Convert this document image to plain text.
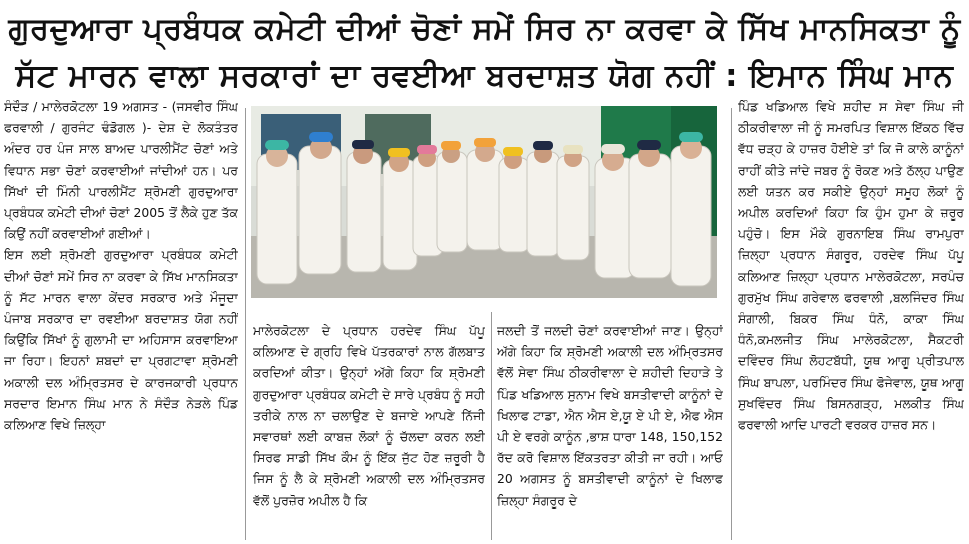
ਗੁਰਦੁਆਰਾ ਪ੍ਰਬੰਧਕ ਕਮੇਟੀ ਦੀਆਂ ਚੋਣਾਂ ਸਮੇਂ ਸਿਰ ਨਾ ਕਰਵਾ ਕੇ ਸਿੱਖ ਮਾਨਸਿਕਤਾ ਨੂੰ
ਸੱਟ ਮਾਰਨ ਵਾਲਾ ਸਰਕਾਰਾਂ ਦਾ ਰਵਈਆ ਬਰਦਾਸ਼ਤ ਯੋਗ ਨਹੀਂ : ਇਮਾਨ ਸਿੰਘ ਮਾਨ

ਸੰਦੌੜ / ਮਾਲੇਰਕੋਟਲਾ 19 ਅਗਸਤ - (ਜਸਵੀਰ ਸਿੰਘ ਫਰਵਾਲੀ / ਗੁਰਜੰਟ ਢੰਡੋਗਲ )- ਦੇਸ਼ ਦੇ ਲੋਕਤੰਤਰ ਅੰਦਰ ਹਰ ਪੰਜ ਸਾਲ ਬਾਅਦ ਪਾਰਲੀਮੈਂਟ ਚੋਣਾਂ ਅਤੇ ਵਿਧਾਨ ਸਭਾ ਚੋਣਾਂ ਕਰਵਾਈਆਂ ਜਾਂਦੀਆਂ ਹਨ। ਪਰ ਸਿੱਖਾਂ ਦੀ ਮਿੰਨੀ ਪਾਰਲੀਮੈਂਟ ਸ਼੍ਰੋਮਣੀ ਗੁਰਦੁਆਰਾ ਪ੍ਰਬੰਧਕ ਕਮੇਟੀ ਦੀਆਂ ਚੋਣਾਂ 2005 ਤੋਂ ਲੈਕੇ ਹੁਣ ਤੱਕ ਕਿਉਂ ਨਹੀਂ ਕਰਵਾਈਆਂ ਗਈਆਂ।

ਇਸ ਲਈ ਸ਼੍ਰੋਮਣੀ ਗੁਰਦੁਆਰਾ ਪ੍ਰਬੰਧਕ ਕਮੇਟੀ ਦੀਆਂ ਚੋਣਾਂ ਸਮੇਂ ਸਿਰ ਨਾ ਕਰਵਾ ਕੇ ਸਿੱਖ ਮਾਨਸਿਕਤਾ ਨੂੰ ਸੱਟ ਮਾਰਨ ਵਾਲਾ ਕੇਂਦਰ ਸਰਕਾਰ ਅਤੇ ਮੌਜੂਦਾ ਪੰਜਾਬ ਸਰਕਾਰ ਦਾ ਰਵਈਆ ਬਰਦਾਸ਼ਤ ਯੋਗ ਨਹੀਂ ਕਿਉਂਕਿ ਸਿੱਖਾਂ ਨੂੰ ਗੁਲਾਮੀ ਦਾ ਅਹਿਸਾਸ ਕਰਵਾਇਆ ਜਾ ਰਿਹਾ। ਇਹਨਾਂ ਸ਼ਬਦਾਂ ਦਾ ਪ੍ਰਗਟਾਵਾ ਸ਼੍ਰੋਮਣੀ ਅਕਾਲੀ ਦਲ ਅੰਮ੍ਰਿਤਸਰ ਦੇ ਕਾਰਜਕਾਰੀ ਪ੍ਰਧਾਨ ਸਰਦਾਰ ਇਮਾਨ ਸਿੰਘ ਮਾਨ ਨੇ ਸੰਦੌੜ ਨੇੜਲੇ ਪਿੰਡ ਕਲਿਆਣ ਵਿਖੇ ਜ਼ਿਲ੍ਹਾ

ਮਾਲੇਰਕੋਟਲਾ ਦੇ ਪ੍ਰਧਾਨ ਹਰਦੇਵ ਸਿੰਘ ਪੱਪੂ ਕਲਿਆਣ ਦੇ ਗ੍ਰਹਿ ਵਿਖੇ ਪੱਤਰਕਾਰਾਂ ਨਾਲ ਗੱਲਬਾਤ ਕਰਦਿਆਂ ਕੀਤਾ। ਉਨ੍ਹਾਂ ਅੱਗੇ ਕਿਹਾ ਕਿ ਸ਼੍ਰੋਮਣੀ ਗੁਰਦੁਆਰਾ ਪ੍ਰਬੰਧਕ ਕਮੇਟੀ ਦੇ ਸਾਰੇ ਪ੍ਰਬੰਧ ਨੂੰ ਸਹੀ ਤਰੀਕੇ ਨਾਲ ਨਾ ਚਲਾਉਣ ਦੇ ਬਜਾਏ ਆਪਣੇ ਨਿੱਜੀ ਸਵਾਰਥਾਂ ਲਈ ਕਾਬਜ਼ ਲੋਕਾਂ ਨੂੰ ਚੱਲਦਾ ਕਰਨ ਲਈ ਸਿਰਫ ਸਾਡੀ ਸਿੱਖ ਕੌਮ ਨੂੰ ਇੱਕ ਜੁੱਟ ਹੋਣ ਜ਼ਰੂਰੀ ਹੈ ਜਿਸ ਨੂੰ ਲੈ ਕੇ ਸ਼੍ਰੋਮਣੀ ਅਕਾਲੀ ਦਲ ਅੰਮ੍ਰਿਤਸਰ ਵੱਲੋਂ ਪੁਰਜ਼ੋਰ ਅਪੀਲ ਹੈ ਕਿ

ਜਲਦੀ ਤੋਂ ਜਲਦੀ ਚੋਣਾਂ ਕਰਵਾਈਆਂ ਜਾਣ। ਉਨ੍ਹਾਂ ਅੱਗੇ ਕਿਹਾ ਕਿ ਸ਼੍ਰੋਮਣੀ ਅਕਾਲੀ ਦਲ ਅੰਮ੍ਰਿਤਸਰ ਵੱਲੋਂ ਸੇਵਾ ਸਿੰਘ ਠੀਕਰੀਵਾਲਾ ਦੇ ਸ਼ਹੀਦੀ ਦਿਹਾੜੇ ਤੇ ਪਿੰਡ ਖਡਿਆਲ ਸੁਨਾਮ ਵਿਖੇ ਬਸਤੀਵਾਦੀ ਕਾਨੂੰਨਾਂ ਦੇ ਖਿਲਾਫ ਟਾਡਾ, ਐਨ ਐਸ ਏ,ਯੂ ਏ ਪੀ ਏ, ਐਫ ਐਸ ਪੀ ਏ ਵਰਗੇ ਕਾਨੂੰਨ ,ਭਾਸ਼ ਧਾਰਾ 148, 150,152 ਰੱਦ ਕਰੋ ਵਿਸ਼ਾਲ ਇੱਕਤਰਤਾ ਕੀਤੀ ਜਾ ਰਹੀ। ਆਓ 20 ਅਗਸਤ ਨੂੰ ਬਸਤੀਵਾਦੀ ਕਾਨੂੰਨਾਂ ਦੇ ਖਿਲਾਫ ਜ਼ਿਲ੍ਹਾ ਸੰਗਰੂਰ ਦੇ

ਪਿੰਡ ਖਡਿਆਲ ਵਿਖੇ ਸ਼ਹੀਦ ਸ ਸੇਵਾ ਸਿੰਘ ਜੀ ਠੀਕਰੀਵਾਲਾ ਜੀ ਨੂੰ ਸਮਰਪਿਤ ਵਿਸ਼ਾਲ ਇੱਕਠ ਵਿੱਚ ਵੱਧ ਚੜ੍ਹ ਕੇ ਹਾਜ਼ਰ ਹੋਈਏ ਤਾਂ ਕਿ ਜੋ ਕਾਲੇ ਕਾਨੂੰਨਾਂ ਰਾਹੀਂ ਕੀਤੇ ਜਾਂਦੇ ਜਬਰ ਨੂੰ ਰੋਕਣ ਅਤੇ ਠੱਲ੍ਹ ਪਾਉਣ ਲਈ ਯਤਨ ਕਰ ਸਕੀਏ ਉਨ੍ਹਾਂ ਸਮੂਹ ਲੋਕਾਂ ਨੂੰ ਅਪੀਲ ਕਰਦਿਆਂ ਕਿਹਾ ਕਿ ਹੁੰਮ ਹੁਮਾ ਕੇ ਜ਼ਰੂਰ ਪਹੁੰਚੋ। ਇਸ ਮੌਕੇ ਗੁਰਨਾਇਬ ਸਿੰਘ ਰਾਮਪੁਰਾ ਜ਼ਿਲ੍ਹਾ ਪ੍ਰਧਾਨ ਸੰਗਰੂਰ, ਹਰਦੇਵ ਸਿੰਘ ਪੱਪੂ ਕਲਿਆਣ ਜ਼ਿਲ੍ਹਾ ਪ੍ਰਧਾਨ ਮਾਲੇਰਕੋਟਲਾ, ਸਰਪੰਚ ਗੁਰਮੁੱਖ ਸਿੰਘ ਗਰੇਵਾਲ ਫਰਵਾਲੀ ,ਬਲਜਿੰਦਰ ਸਿੰਘ ਸੰਗਾਲੀ, ਬਿਕਰ ਸਿੰਘ ਧੰਨੋ, ਕਾਕਾ ਸਿੰਘ ਧੰਨੋ,ਕਮਲਜੀਤ ਸਿੰਘ ਮਾਲੇਰਕੋਟਲਾ, ਸੈਕਟਰੀ ਦਵਿੰਦਰ ਸਿੰਘ ਲੋਹਟਬੱਧੀ, ਯੂਥ ਆਗੂ ਪ੍ਰੀਤਪਾਲ ਸਿੰਘ ਬਾਪਲਾ, ਪਰਮਿੰਦਰ ਸਿੰਘ ਫੋਜੇਵਾਲ, ਯੂਥ ਆਗੂ ਸੁਖਵਿੰਦਰ ਸਿੰਘ ਬਿਸਨਗੜ੍ਹ, ਮਲਕੀਤ ਸਿੰਘ ਫਰਵਾਲੀ ਆਦਿ ਪਾਰਟੀ ਵਰਕਰ ਹਾਜ਼ਰ ਸਨ।
